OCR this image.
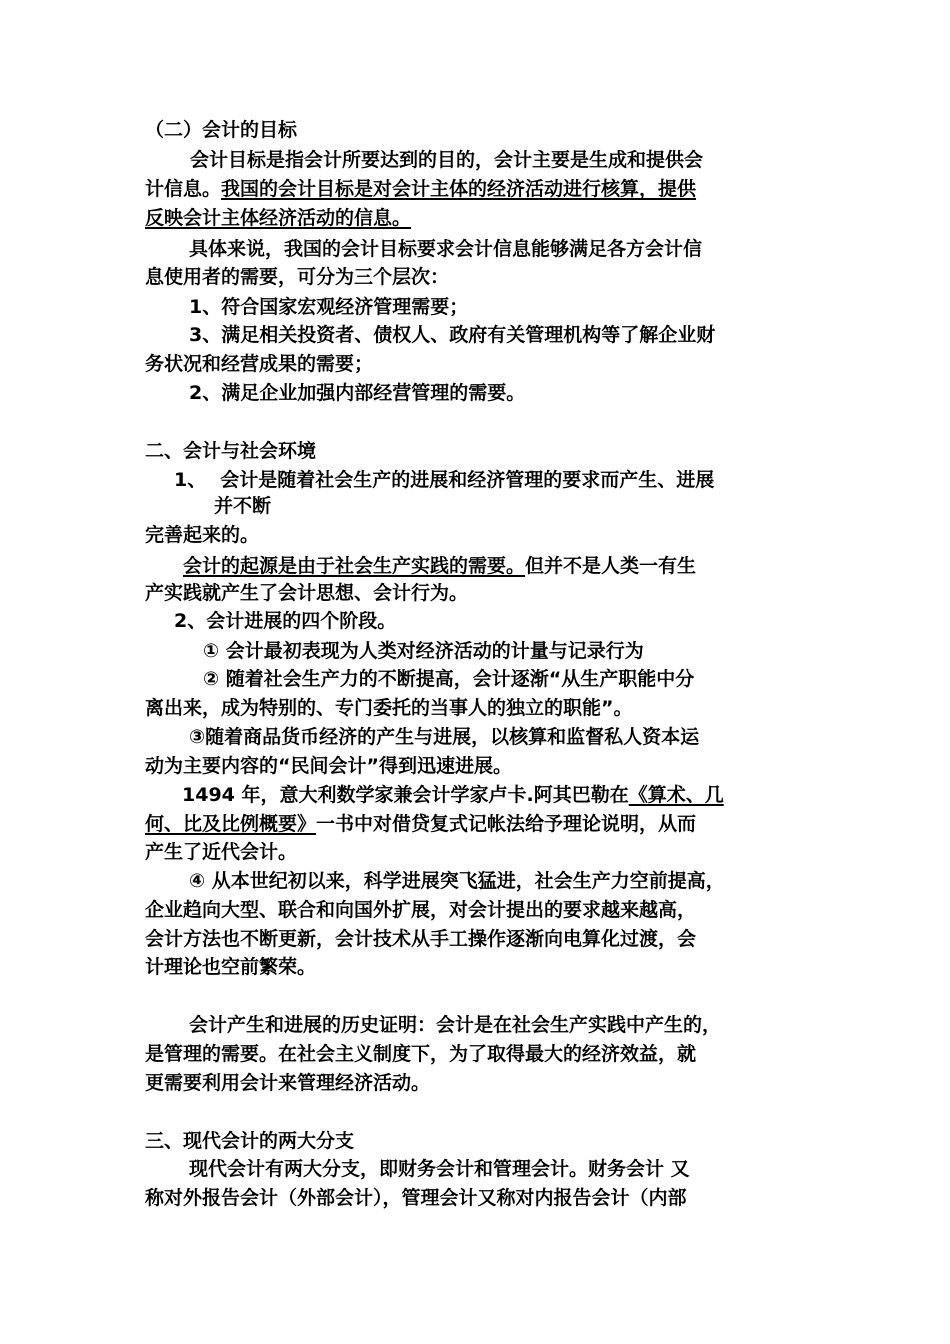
（二）会计的目标
会计目标是指会计所要达到的目的，会计主要是生成和提供会
计信息。我国的会计目标是对会计主体的经济活动进行核算，提供
反映会计主体经济活动的信息。
具体来说，我国的会计目标要求会计信息能够满足各方会计信
息使用者的需要，可分为三个层次：
1、符合国家宏观经济管理需要；
3、满足相关投资者、债权人、政府有关管理机构等了解企业财
务状况和经营成果的需要；
2、满足企业加强内部经营管理的需要。
二、会计与社会环境
1、 会计是随着社会生产的进展和经济管理的要求而产生、进展
并不断
完善起来的。
会计的起源是由于社会生产实践的需要。但并不是人类一有生
产实践就产生了会计思想、会计行为。
2、会计进展的四个阶段。
① 会计最初表现为人类对经济活动的计量与记录行为
② 随着社会生产力的不断提高，会计逐渐“从生产职能中分
离出来，成为特别的、专门委托的当事人的独立的职能”。
③随着商品货币经济的产生与进展，以核算和监督私人资本运
动为主要内容的“民间会计”得到迅速进展。
1494 年，意大利数学家兼会计学家卢卡.阿其巴勒在《算术、几
何、比及比例概要》一书中对借贷复式记帐法给予理论说明，从而
产生了近代会计。
④ 从本世纪初以来，科学进展突飞猛进，社会生产力空前提高，
企业趋向大型、联合和向国外扩展，对会计提出的要求越来越高，
会计方法也不断更新，会计技术从手工操作逐渐向电算化过渡，会
计理论也空前繁荣。
会计产生和进展的历史证明：会计是在社会生产实践中产生的，
是管理的需要。在社会主义制度下，为了取得最大的经济效益，就
更需要利用会计来管理经济活动。
三、现代会计的两大分支
现代会计有两大分支，即财务会计和管理会计。财务会计 又
称对外报告会计（外部会计），管理会计又称对内报告会计（内部
